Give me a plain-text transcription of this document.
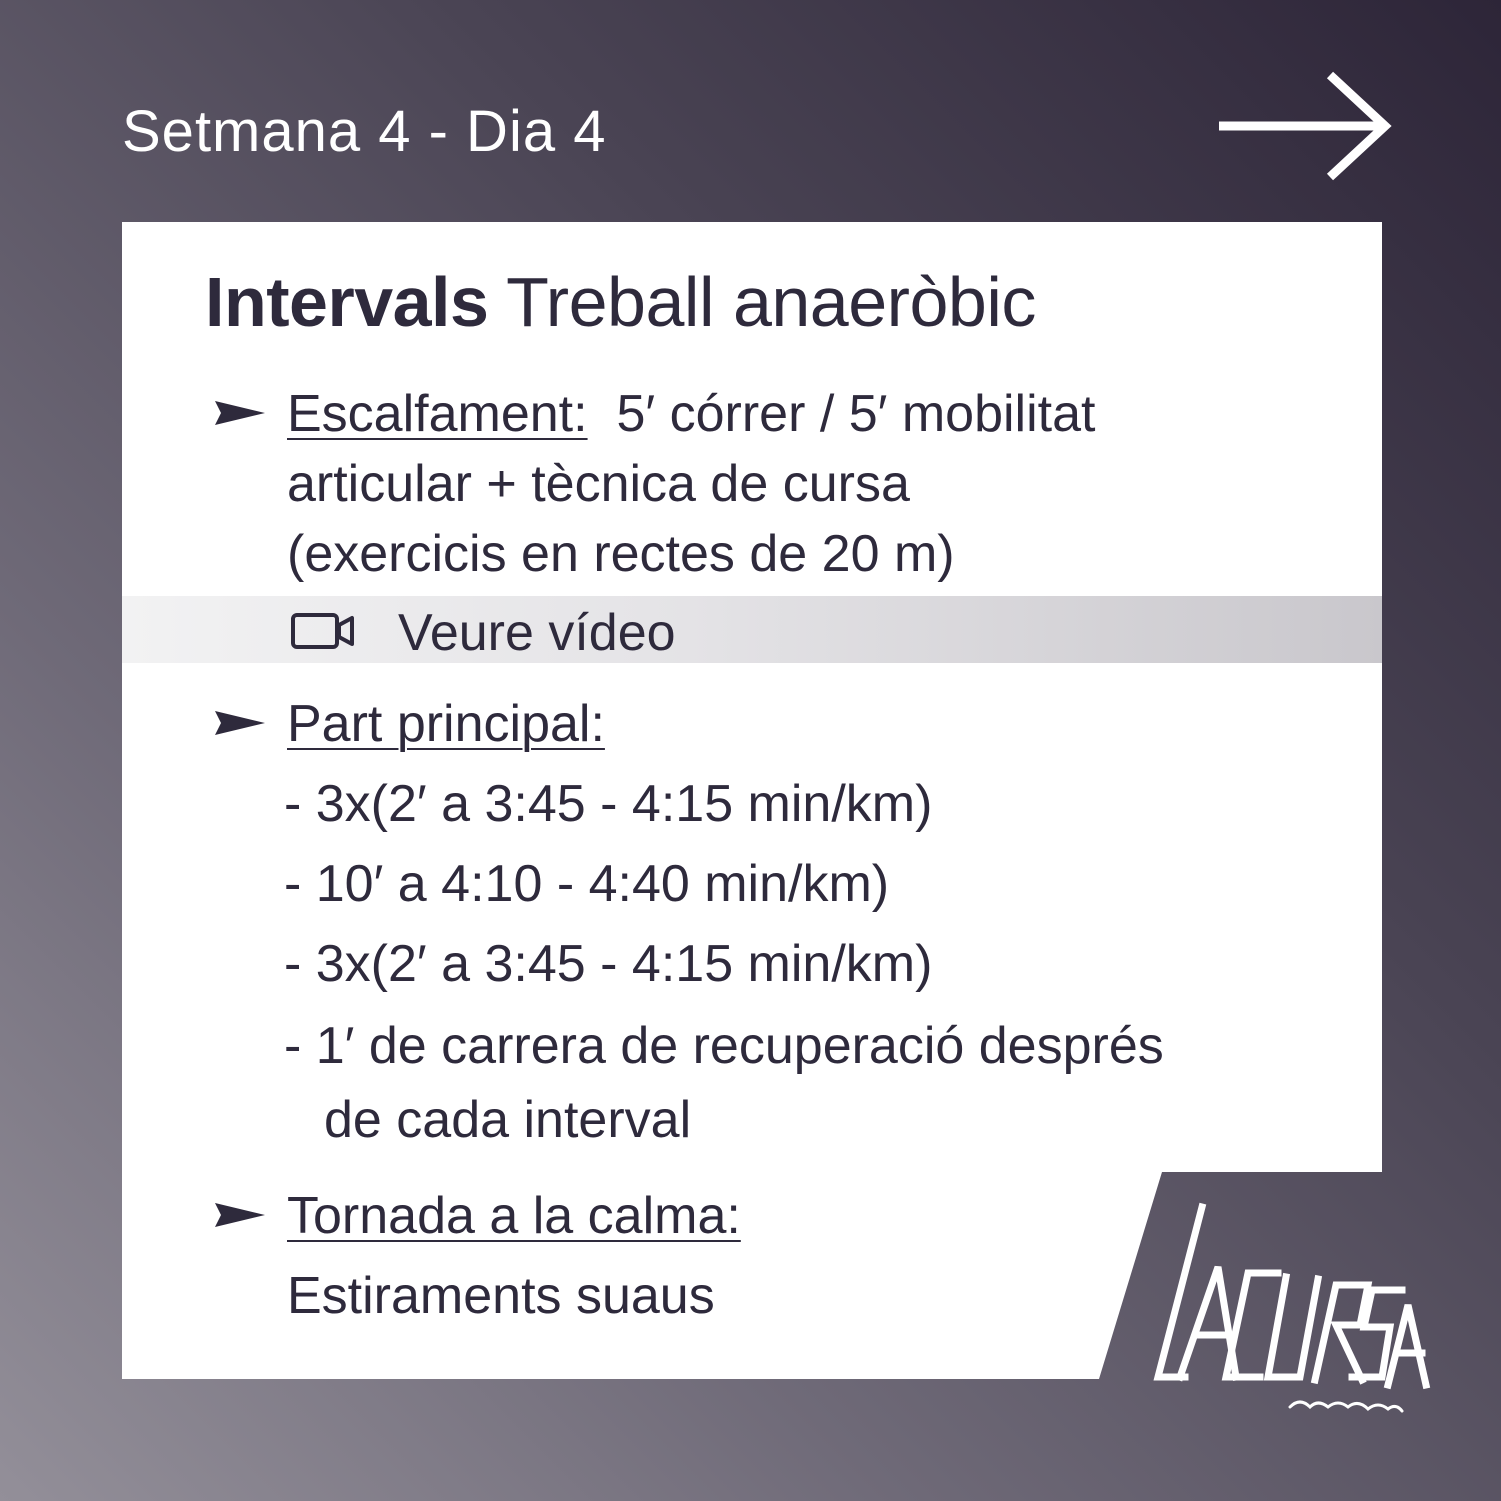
Setmana 4 - Dia 4
Intervals Treball anaeròbic
Escalfament: 5′ córrer / 5′ mobilitat
articular + tècnica de cursa
(exercicis en rectes de 20 m)
Veure vídeo
Part principal:
- 3x(2′ a 3:45 - 4:15 min/km)
- 10′ a 4:10 - 4:40 min/km)
- 3x(2′ a 3:45 - 4:15 min/km)
- 1′ de carrera de recuperació després
de cada interval
Tornada a la calma:
Estiraments suaus
